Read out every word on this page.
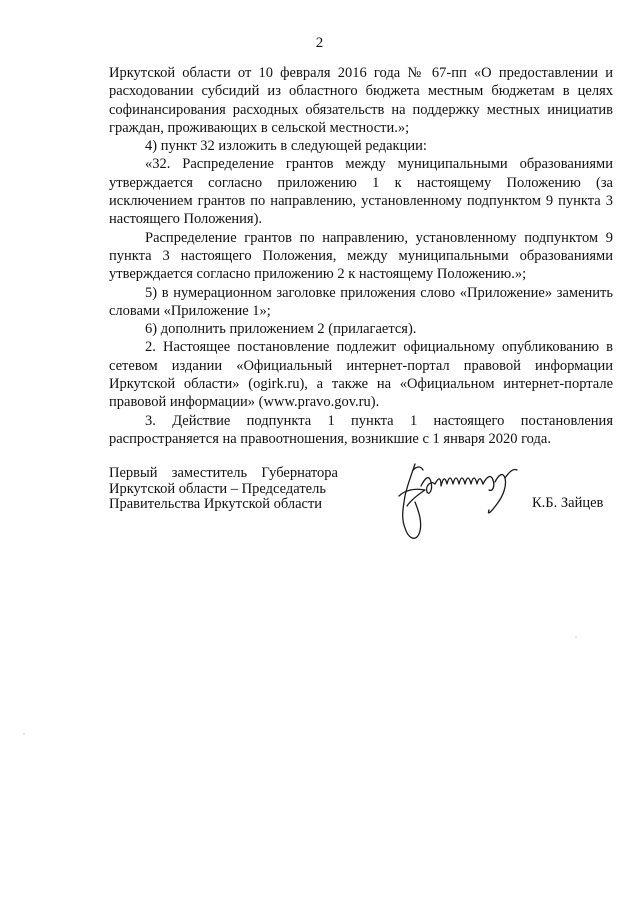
2

Иркутской области от 10 февраля 2016 года № 67-пп «О предоставлении и расходовании субсидий из областного бюджета местным бюджетам в целях софинансирования расходных обязательств на поддержку местных инициатив граждан, проживающих в сельской местности.»;

4) пункт 32 изложить в следующей редакции:

«32. Распределение грантов между муниципальными образованиями утверждается согласно приложению 1 к настоящему Положению (за исключением грантов по направлению, установленному подпунктом 9 пункта 3 настоящего Положения).

Распределение грантов по направлению, установленному подпунктом 9 пункта 3 настоящего Положения, между муниципальными образованиями утверждается согласно приложению 2 к настоящему Положению.»;

5) в нумерационном заголовке приложения слово «Приложение» заменить словами «Приложение 1»;

6) дополнить приложением 2 (прилагается).

2. Настоящее постановление подлежит официальному опубликованию в сетевом издании «Официальный интернет-портал правовой информации Иркутской области» (ogirk.ru), а также на «Официальном интернет-портале правовой информации» (www.pravo.gov.ru).

3. Действие подпункта 1 пункта 1 настоящего постановления распространяется на правоотношения, возникшие с 1 января 2020 года.

Первый заместитель Губернатора
Иркутской области – Председатель
Правительства Иркутской области	К.Б. Зайцев
